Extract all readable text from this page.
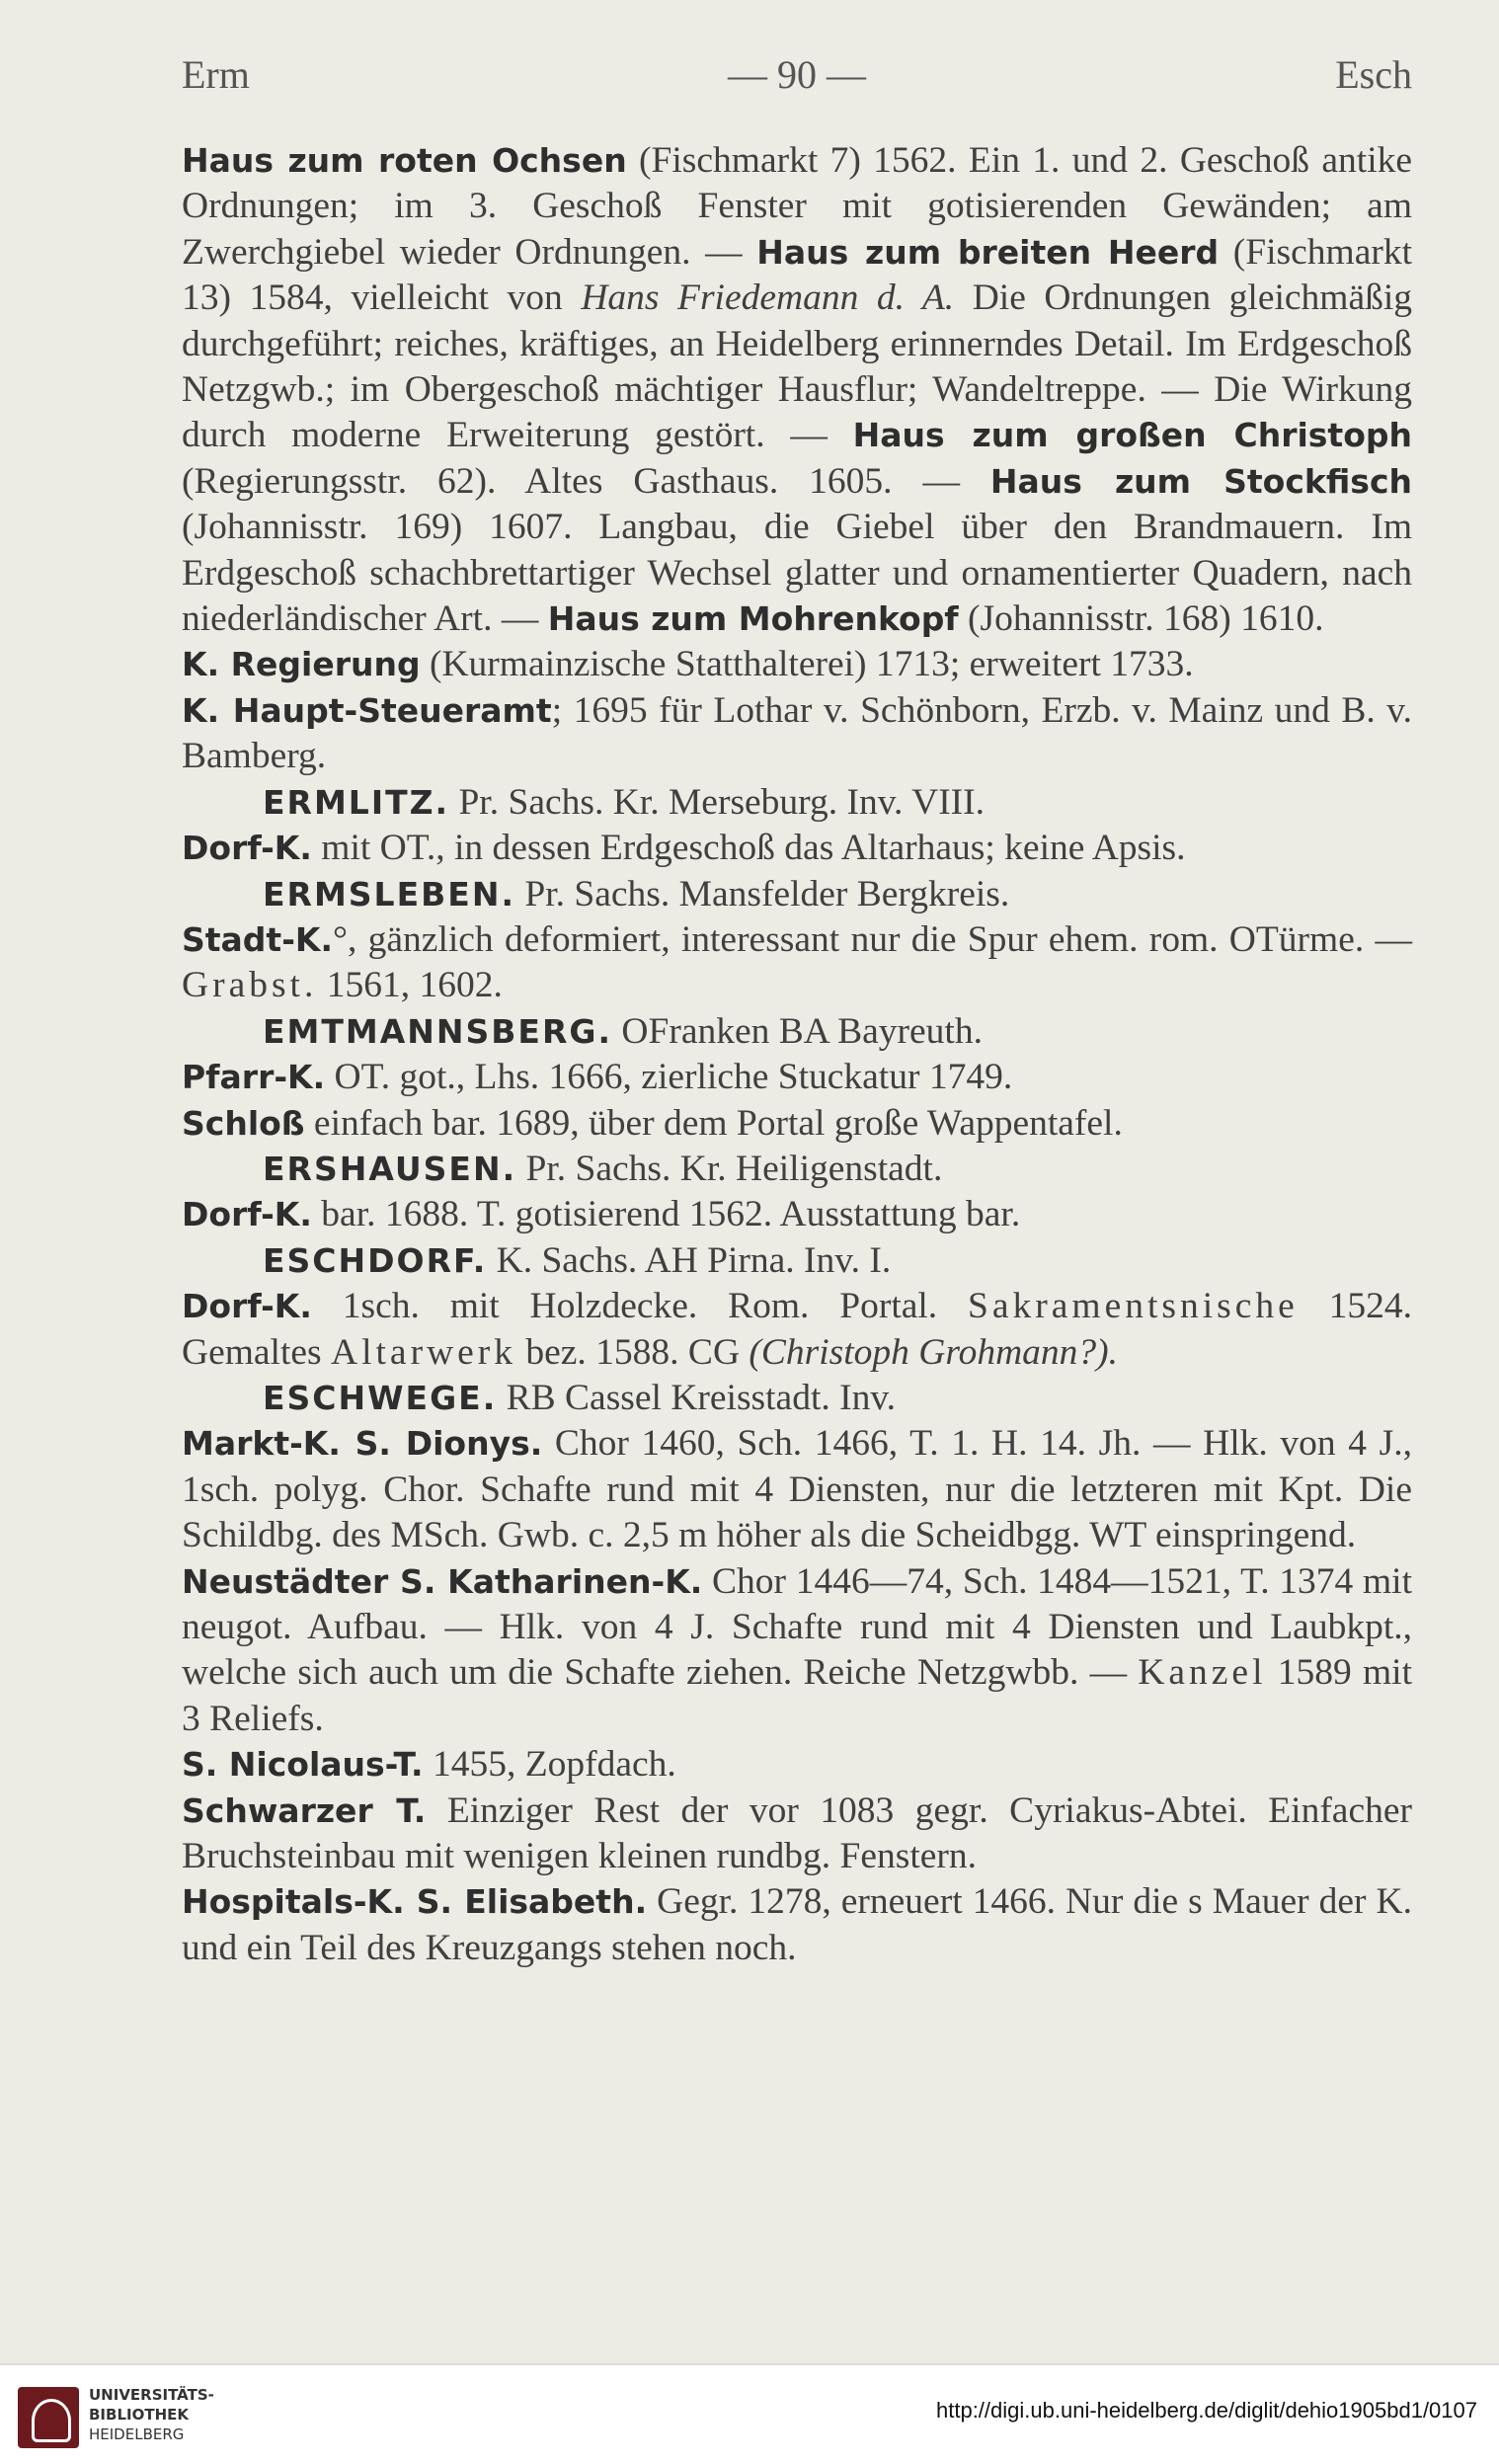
Erm	— 90 —	Esch

Haus zum roten Ochsen (Fischmarkt 7) 1562. Ein 1. und 2. Geschoß antike Ordnungen; im 3. Geschoß Fenster mit gotisierenden Gewänden; am Zwerchgiebel wieder Ordnungen. — Haus zum breiten Heerd (Fischmarkt 13) 1584, vielleicht von Hans Friedemann d. A. Die Ordnungen gleichmäßig durchgeführt; reiches, kräftiges, an Heidelberg erinnerndes Detail. Im Erdgeschoß Netzgwb.; im Obergeschoß mächtiger Hausflur; Wandeltreppe. — Die Wirkung durch moderne Erweiterung gestört. — Haus zum großen Christoph (Regierungsstr. 62). Altes Gasthaus. 1605. — Haus zum Stockfisch (Johannisstr. 169) 1607. Langbau, die Giebel über den Brandmauern. Im Erdgeschoß schachbrettartiger Wechsel glatter und ornamentierter Quadern, nach niederländischer Art. — Haus zum Mohrenkopf (Johannisstr. 168) 1610.

K. Regierung (Kurmainzische Statthalterei) 1713; erweitert 1733.

K. Haupt-Steueramt; 1695 für Lothar v. Schönborn, Erzb. v. Mainz und B. v. Bamberg.

ERMLITZ. Pr. Sachs. Kr. Merseburg. Inv. VIII.

Dorf-K. mit OT., in dessen Erdgeschoß das Altarhaus; keine Apsis.

ERMSLEBEN. Pr. Sachs. Mansfelder Bergkreis.

Stadt-K.°, gänzlich deformiert, interessant nur die Spur ehem. rom. OTürme. — Grabst. 1561, 1602.

EMTMANNSBERG. OFranken BA Bayreuth.

Pfarr-K. OT. got., Lhs. 1666, zierliche Stuckatur 1749.

Schloß einfach bar. 1689, über dem Portal große Wappentafel.

ERSHAUSEN. Pr. Sachs. Kr. Heiligenstadt.

Dorf-K. bar. 1688. T. gotisierend 1562. Ausstattung bar.

ESCHDORF. K. Sachs. AH Pirna. Inv. I.

Dorf-K. 1sch. mit Holzdecke. Rom. Portal. Sakramentsnische 1524. Gemaltes Altarwerk bez. 1588. CG (Christoph Grohmann?).

ESCHWEGE. RB Cassel Kreisstadt. Inv.

Markt-K. S. Dionys. Chor 1460, Sch. 1466, T. 1. H. 14. Jh. — Hlk. von 4 J., 1sch. polyg. Chor. Schafte rund mit 4 Diensten, nur die letzteren mit Kpt. Die Schildbg. des MSch. Gwb. c. 2,5 m höher als die Scheidbgg. WT einspringend.

Neustädter S. Katharinen-K. Chor 1446—74, Sch. 1484—1521, T. 1374 mit neugot. Aufbau. — Hlk. von 4 J. Schafte rund mit 4 Diensten und Laubkpt., welche sich auch um die Schafte ziehen. Reiche Netzgwbb. — Kanzel 1589 mit 3 Reliefs.

S. Nicolaus-T. 1455, Zopfdach.

Schwarzer T. Einziger Rest der vor 1083 gegr. Cyriakus-Abtei. Einfacher Bruchsteinbau mit wenigen kleinen rundbg. Fenstern.

Hospitals-K. S. Elisabeth. Gegr. 1278, erneuert 1466. Nur die s Mauer der K. und ein Teil des Kreuzgangs stehen noch.

UNIVERSITÄTS-
BIBLIOTHEK
HEIDELBERG
http://digi.ub.uni-heidelberg.de/diglit/dehio1905bd1/0107
